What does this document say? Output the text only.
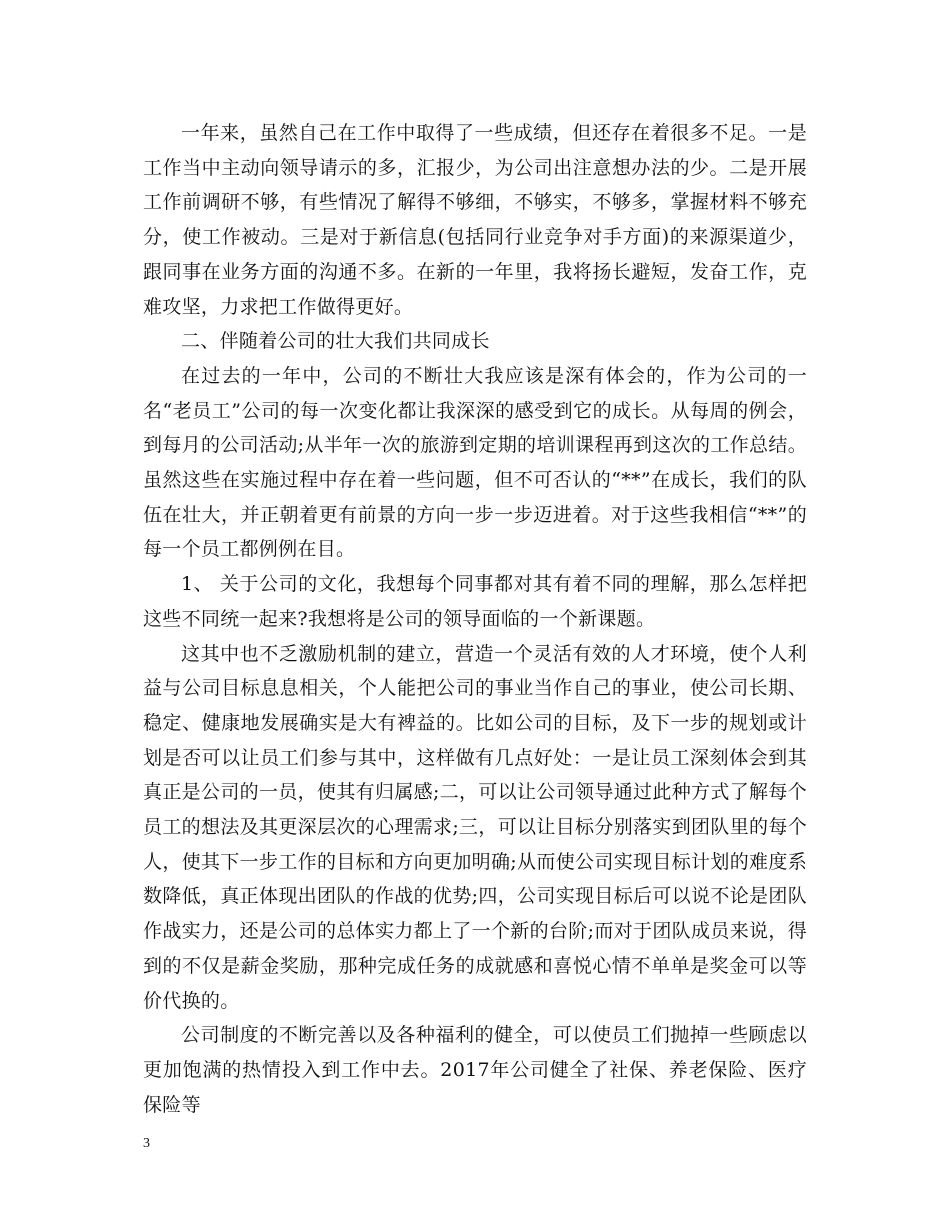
一年来，虽然自己在工作中取得了一些成绩，但还存在着很多不足。一是工作当中主动向领导请示的多，汇报少，为公司出注意想办法的少。二是开展工作前调研不够，有些情况了解得不够细，不够实，不够多，掌握材料不够充分，使工作被动。三是对于新信息(包括同行业竞争对手方面)的来源渠道少，跟同事在业务方面的沟通不多。在新的一年里，我将扬长避短，发奋工作，克难攻坚，力求把工作做得更好。

二、伴随着公司的壮大我们共同成长

在过去的一年中，公司的不断壮大我应该是深有体会的，作为公司的一名“老员工”公司的每一次变化都让我深深的感受到它的成长。从每周的例会，到每月的公司活动;从半年一次的旅游到定期的培训课程再到这次的工作总结。虽然这些在实施过程中存在着一些问题，但不可否认的“**”在成长，我们的队伍在壮大，并正朝着更有前景的方向一步一步迈进着。对于这些我相信“**”的每一个员工都例例在目。

1、 关于公司的文化，我想每个同事都对其有着不同的理解，那么怎样把这些不同统一起来?我想将是公司的领导面临的一个新课题。

这其中也不乏激励机制的建立，营造一个灵活有效的人才环境，使个人利益与公司目标息息相关，个人能把公司的事业当作自己的事业，使公司长期、稳定、健康地发展确实是大有裨益的。比如公司的目标，及下一步的规划或计划是否可以让员工们参与其中，这样做有几点好处：一是让员工深刻体会到其真正是公司的一员，使其有归属感;二，可以让公司领导通过此种方式了解每个员工的想法及其更深层次的心理需求;三，可以让目标分别落实到团队里的每个人，使其下一步工作的目标和方向更加明确;从而使公司实现目标计划的难度系数降低，真正体现出团队的作战的优势;四，公司实现目标后可以说不论是团队作战实力，还是公司的总体实力都上了一个新的台阶;而对于团队成员来说，得到的不仅是薪金奖励，那种完成任务的成就感和喜悦心情不单单是奖金可以等价代换的。

公司制度的不断完善以及各种福利的健全，可以使员工们抛掉一些顾虑以更加饱满的热情投入到工作中去。2017年公司健全了社保、养老保险、医疗保险等

3
